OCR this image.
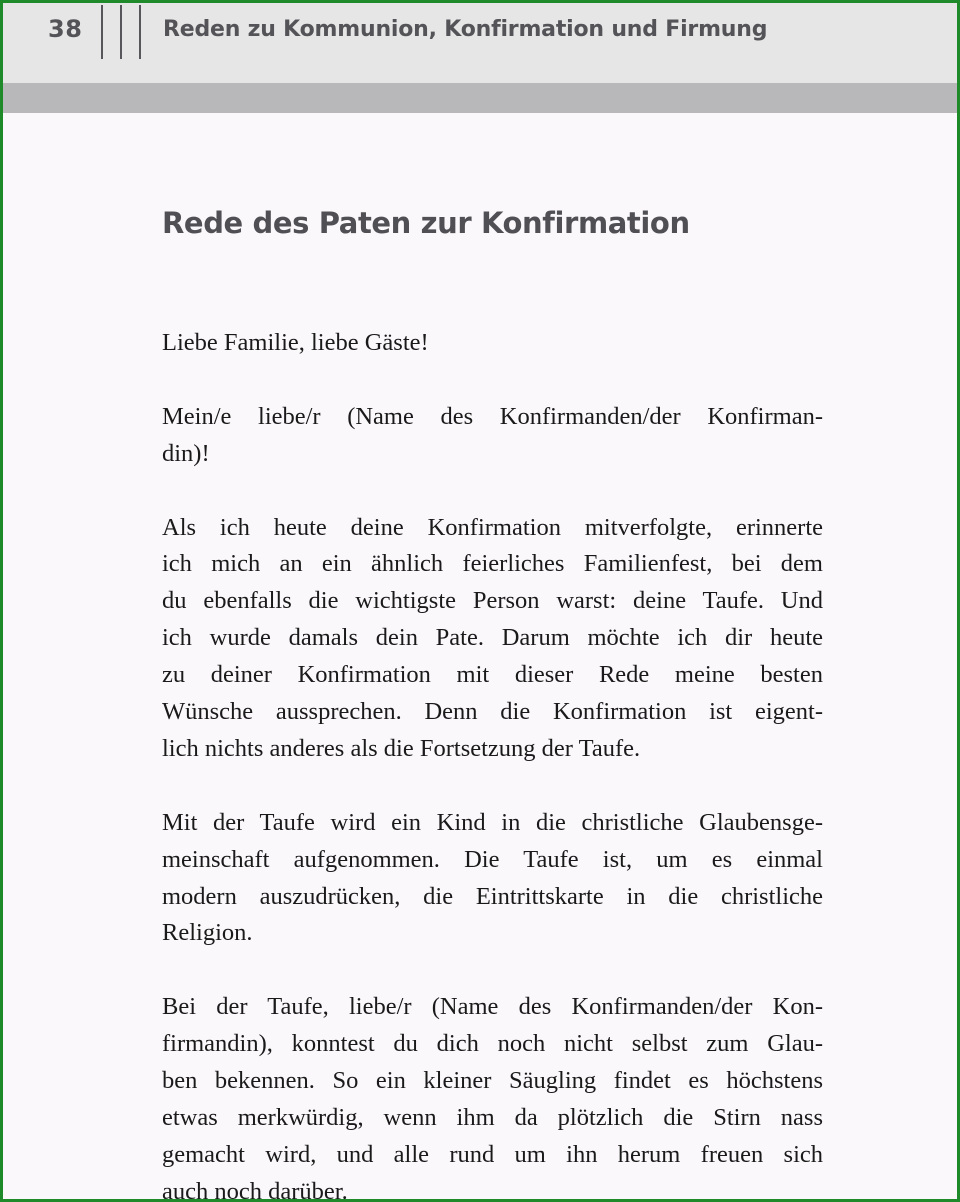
38	Reden zu Kommunion, Konfirmation und Firmung
Rede des Paten zur Konfirmation

Liebe Familie, liebe Gäste!

Mein/e liebe/r (Name des Konfirmanden/der Konfirman-
din)!

Als ich heute deine Konfirmation mitverfolgte, erinnerte
ich mich an ein ähnlich feierliches Familienfest, bei dem
du ebenfalls die wichtigste Person warst: deine Taufe. Und
ich wurde damals dein Pate. Darum möchte ich dir heute
zu deiner Konfirmation mit dieser Rede meine besten
Wünsche aussprechen. Denn die Konfirmation ist eigent-
lich nichts anderes als die Fortsetzung der Taufe.

Mit der Taufe wird ein Kind in die christliche Glaubensge-
meinschaft aufgenommen. Die Taufe ist, um es einmal
modern auszudrücken, die Eintrittskarte in die christliche
Religion.

Bei der Taufe, liebe/r (Name des Konfirmanden/der Kon-
firmandin), konntest du dich noch nicht selbst zum Glau-
ben bekennen. So ein kleiner Säugling findet es höchstens
etwas merkwürdig, wenn ihm da plötzlich die Stirn nass
gemacht wird, und alle rund um ihn herum freuen sich
auch noch darüber.
